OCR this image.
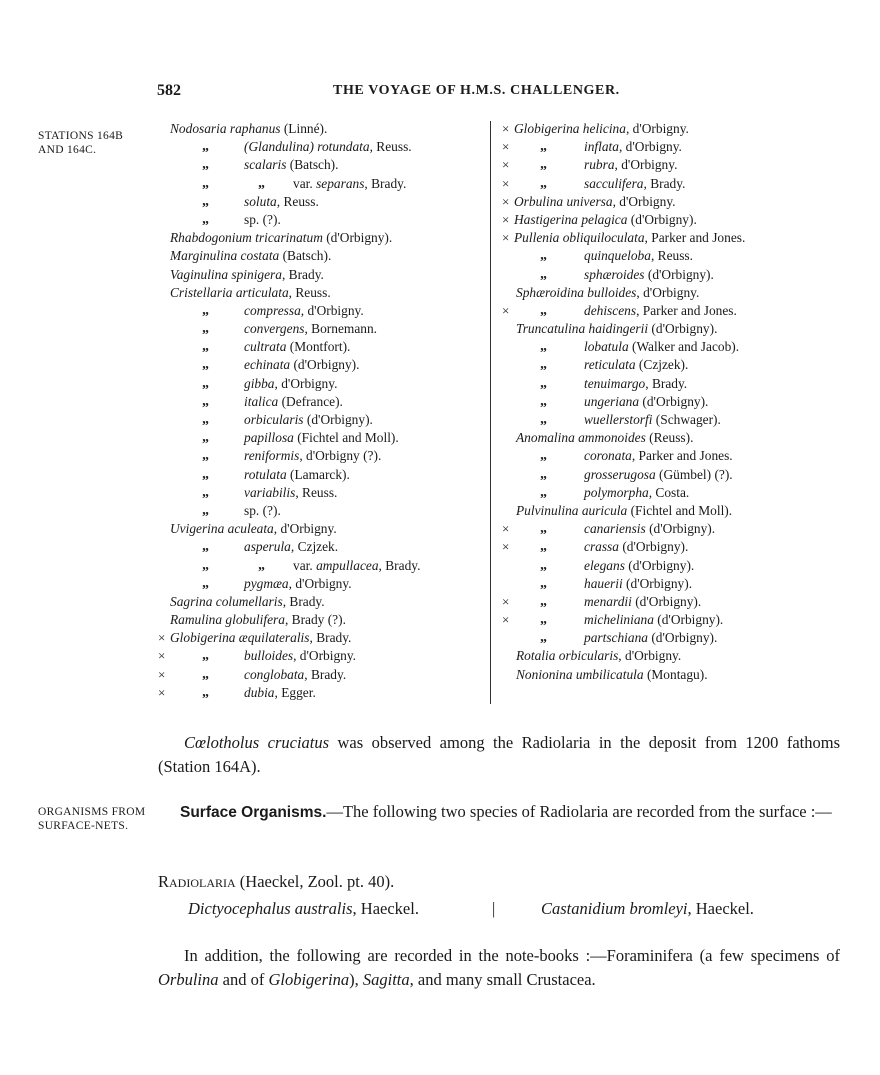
582	THE VOYAGE OF H.M.S. CHALLENGER.
STATIONS 164B
AND 164C.
Nodosaria raphanus (Linné).
„	(Glandulina) rotundata, Reuss.
„	scalaris (Batsch).
„	„ var. separans, Brady.
„	soluta, Reuss.
„	sp. (?).
Rhabdogonium tricarinatum (d'Orbigny).
Marginulina costata (Batsch).
Vaginulina spinigera, Brady.
Cristellaria articulata, Reuss.
„	compressa, d'Orbigny.
„	convergens, Bornemann.
„	cultrata (Montfort).
„	echinata (d'Orbigny).
„	gibba, d'Orbigny.
„	italica (Defrance).
„	orbicularis (d'Orbigny).
„	papillosa (Fichtel and Moll).
„	reniformis, d'Orbigny (?).
„	rotulata (Lamarck).
„	variabilis, Reuss.
„	sp. (?).
Uvigerina aculeata, d'Orbigny.
„	asperula, Czjzek.
„	„ var. ampullacea, Brady.
„	pygmæa, d'Orbigny.
Sagrina columellaris, Brady.
Ramulina globulifera, Brady (?).
× Globigerina æquilateralis, Brady.
×	„	bulloides, d'Orbigny.
×	„	conglobata, Brady.
×	„	dubia, Egger.
× Globigerina helicina, d'Orbigny.
× „	inflata, d'Orbigny.
× „	rubra, d'Orbigny.
× „	sacculifera, Brady.
× Orbulina universa, d'Orbigny.
× Hastigerina pelagica (d'Orbigny).
× Pullenia obliquiloculata, Parker and Jones.
„	quinqueloba, Reuss.
„	sphæroides (d'Orbigny).
Sphæroidina bulloides, d'Orbigny.
× „	dehiscens, Parker and Jones.
Truncatulina haidingerii (d'Orbigny).
„	lobatula (Walker and Jacob).
„	reticulata (Czjzek).
„	tenuimargo, Brady.
„	ungeriana (d'Orbigny).
„	wuellerstorfi (Schwager).
Anomalina ammonoides (Reuss).
„	coronata, Parker and Jones.
„	grosserugosa (Gümbel) (?).
„	polymorpha, Costa.
Pulvinulina auricula (Fichtel and Moll).
× „	canariensis (d'Orbigny).
× „	crassa (d'Orbigny).
„	elegans (d'Orbigny).
„	hauerii (d'Orbigny).
× „	menardii (d'Orbigny).
× „	micheliniana (d'Orbigny).
„	partschiana (d'Orbigny).
Rotalia orbicularis, d'Orbigny.
Nonionina umbilicatula (Montagu).
Cœlotholus cruciatus was observed among the Radiolaria in the deposit from 1200 fathoms (Station 164A).
ORGANISMS FROM
SURFACE-NETS.
Surface Organisms.—The following two species of Radiolaria are recorded from the surface :—
Radiolaria (Haeckel, Zool. pt. 40).
Dictyocephalus australis, Haeckel.	|	Castanidium bromleyi, Haeckel.
In addition, the following are recorded in the note-books :—Foraminifera (a few specimens of Orbulina and of Globigerina), Sagitta, and many small Crustacea.
